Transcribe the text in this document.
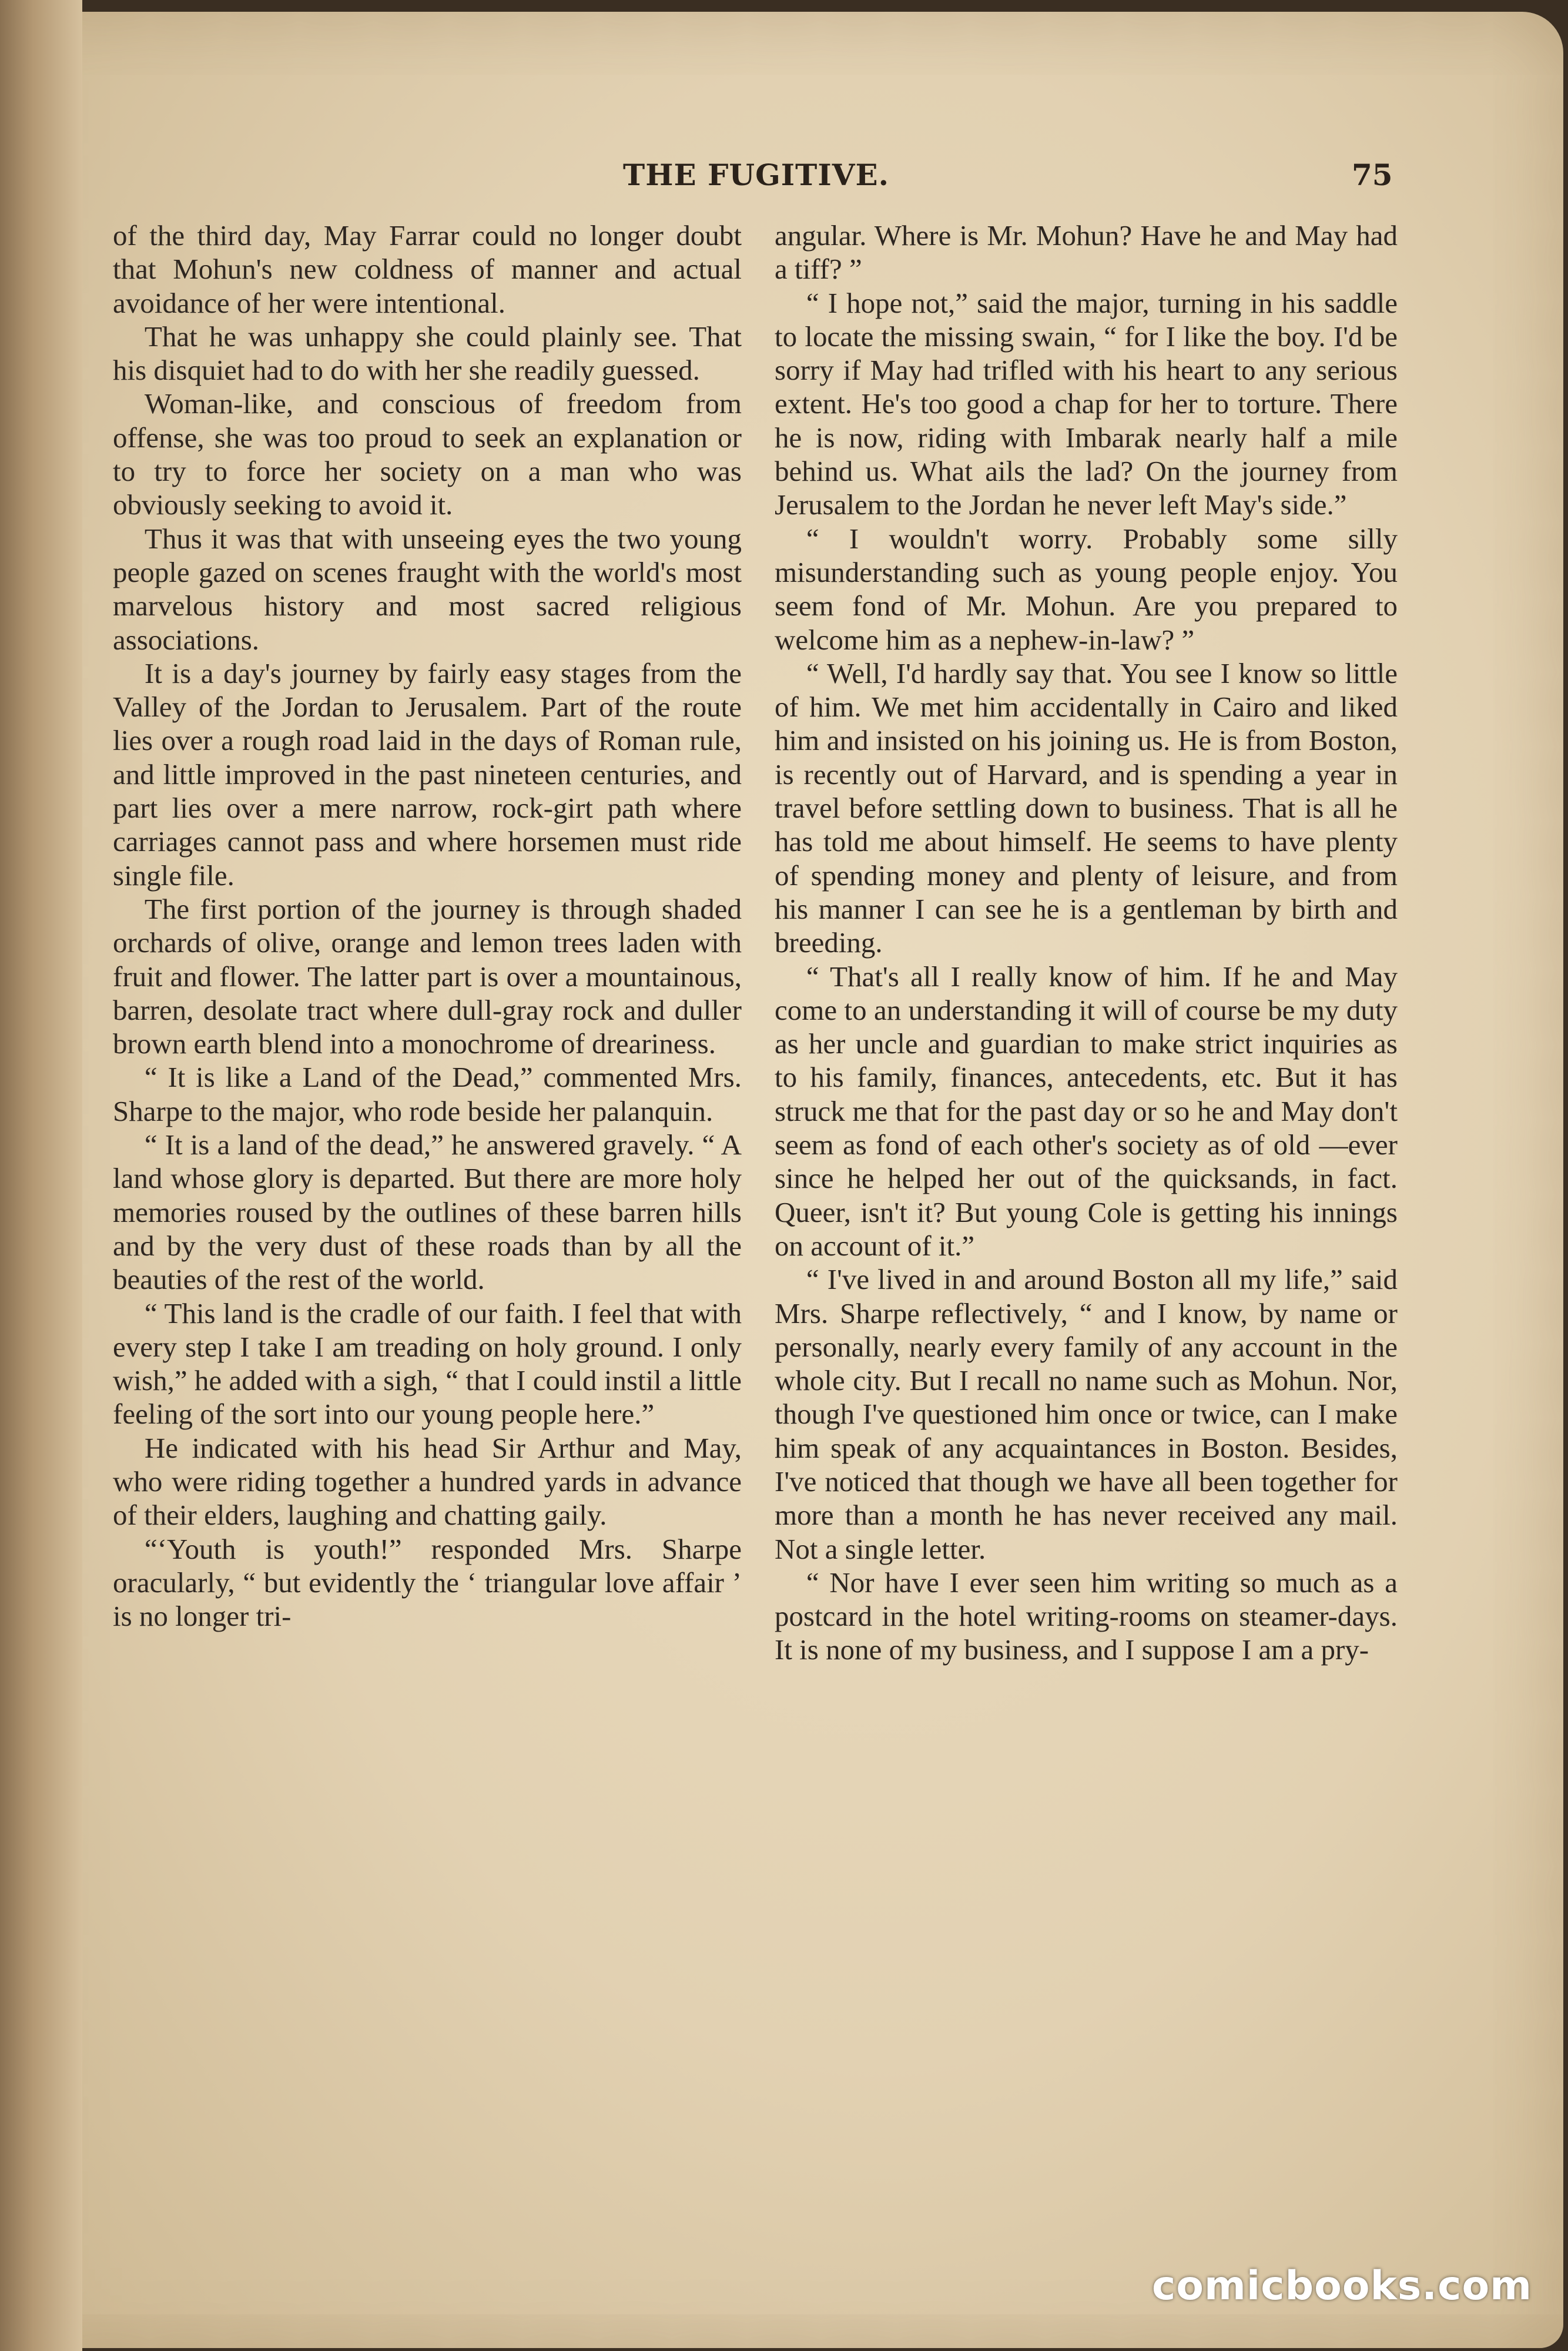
THE FUGITIVE.	75

of the third day, May Farrar could no longer doubt that Mohun's new coldness of manner and actual avoidance of her were intentional.

That he was unhappy she could plainly see. That his disquiet had to do with her she readily guessed.

Woman-like, and conscious of freedom from offense, she was too proud to seek an explanation or to try to force her society on a man who was obviously seeking to avoid it.

Thus it was that with unseeing eyes the two young people gazed on scenes fraught with the world's most marvelous history and most sacred religious associations.

It is a day's journey by fairly easy stages from the Valley of the Jordan to Jerusalem. Part of the route lies over a rough road laid in the days of Roman rule, and little improved in the past nineteen centuries, and part lies over a mere narrow, rock-girt path where carriages cannot pass and where horsemen must ride single file.

The first portion of the journey is through shaded orchards of olive, orange and lemon trees laden with fruit and flower. The latter part is over a mountainous, barren, desolate tract where dull-gray rock and duller brown earth blend into a monochrome of dreariness.

“ It is like a Land of the Dead,” commented Mrs. Sharpe to the major, who rode beside her palanquin.

“ It is a land of the dead,” he answered gravely. “ A land whose glory is departed. But there are more holy memories roused by the outlines of these barren hills and by the very dust of these roads than by all the beauties of the rest of the world.

“ This land is the cradle of our faith. I feel that with every step I take I am treading on holy ground. I only wish,” he added with a sigh, “ that I could instil a little feeling of the sort into our young people here.”

He indicated with his head Sir Arthur and May, who were riding together a hundred yards in advance of their elders, laughing and chatting gaily.

“‘Youth is youth!” responded Mrs. Sharpe oracularly, “ but evidently the ‘ triangular love affair ’ is no longer tri-

angular. Where is Mr. Mohun? Have he and May had a tiff? ”

“ I hope not,” said the major, turning in his saddle to locate the missing swain, “ for I like the boy. I'd be sorry if May had trifled with his heart to any serious extent. He's too good a chap for her to torture. There he is now, riding with Imbarak nearly half a mile behind us. What ails the lad? On the journey from Jerusalem to the Jordan he never left May's side.”

“ I wouldn't worry. Probably some silly misunderstanding such as young people enjoy. You seem fond of Mr. Mohun. Are you prepared to welcome him as a nephew-in-law? ”

“ Well, I'd hardly say that. You see I know so little of him. We met him accidentally in Cairo and liked him and insisted on his joining us. He is from Boston, is recently out of Harvard, and is spending a year in travel before settling down to business. That is all he has told me about himself. He seems to have plenty of spending money and plenty of leisure, and from his manner I can see he is a gentleman by birth and breeding.

“ That's all I really know of him. If he and May come to an understanding it will of course be my duty as her uncle and guardian to make strict inquiries as to his family, finances, antecedents, etc. But it has struck me that for the past day or so he and May don't seem as fond of each other's society as of old —ever since he helped her out of the quicksands, in fact. Queer, isn't it? But young Cole is getting his innings on account of it.”

“ I've lived in and around Boston all my life,” said Mrs. Sharpe reflectively, “ and I know, by name or personally, nearly every family of any account in the whole city. But I recall no name such as Mohun. Nor, though I've questioned him once or twice, can I make him speak of any acquaintances in Boston. Besides, I've noticed that though we have all been together for more than a month he has never received any mail. Not a single letter.

“ Nor have I ever seen him writing so much as a postcard in the hotel writing-rooms on steamer-days. It is none of my business, and I suppose I am a pry-

comicbooks.com
